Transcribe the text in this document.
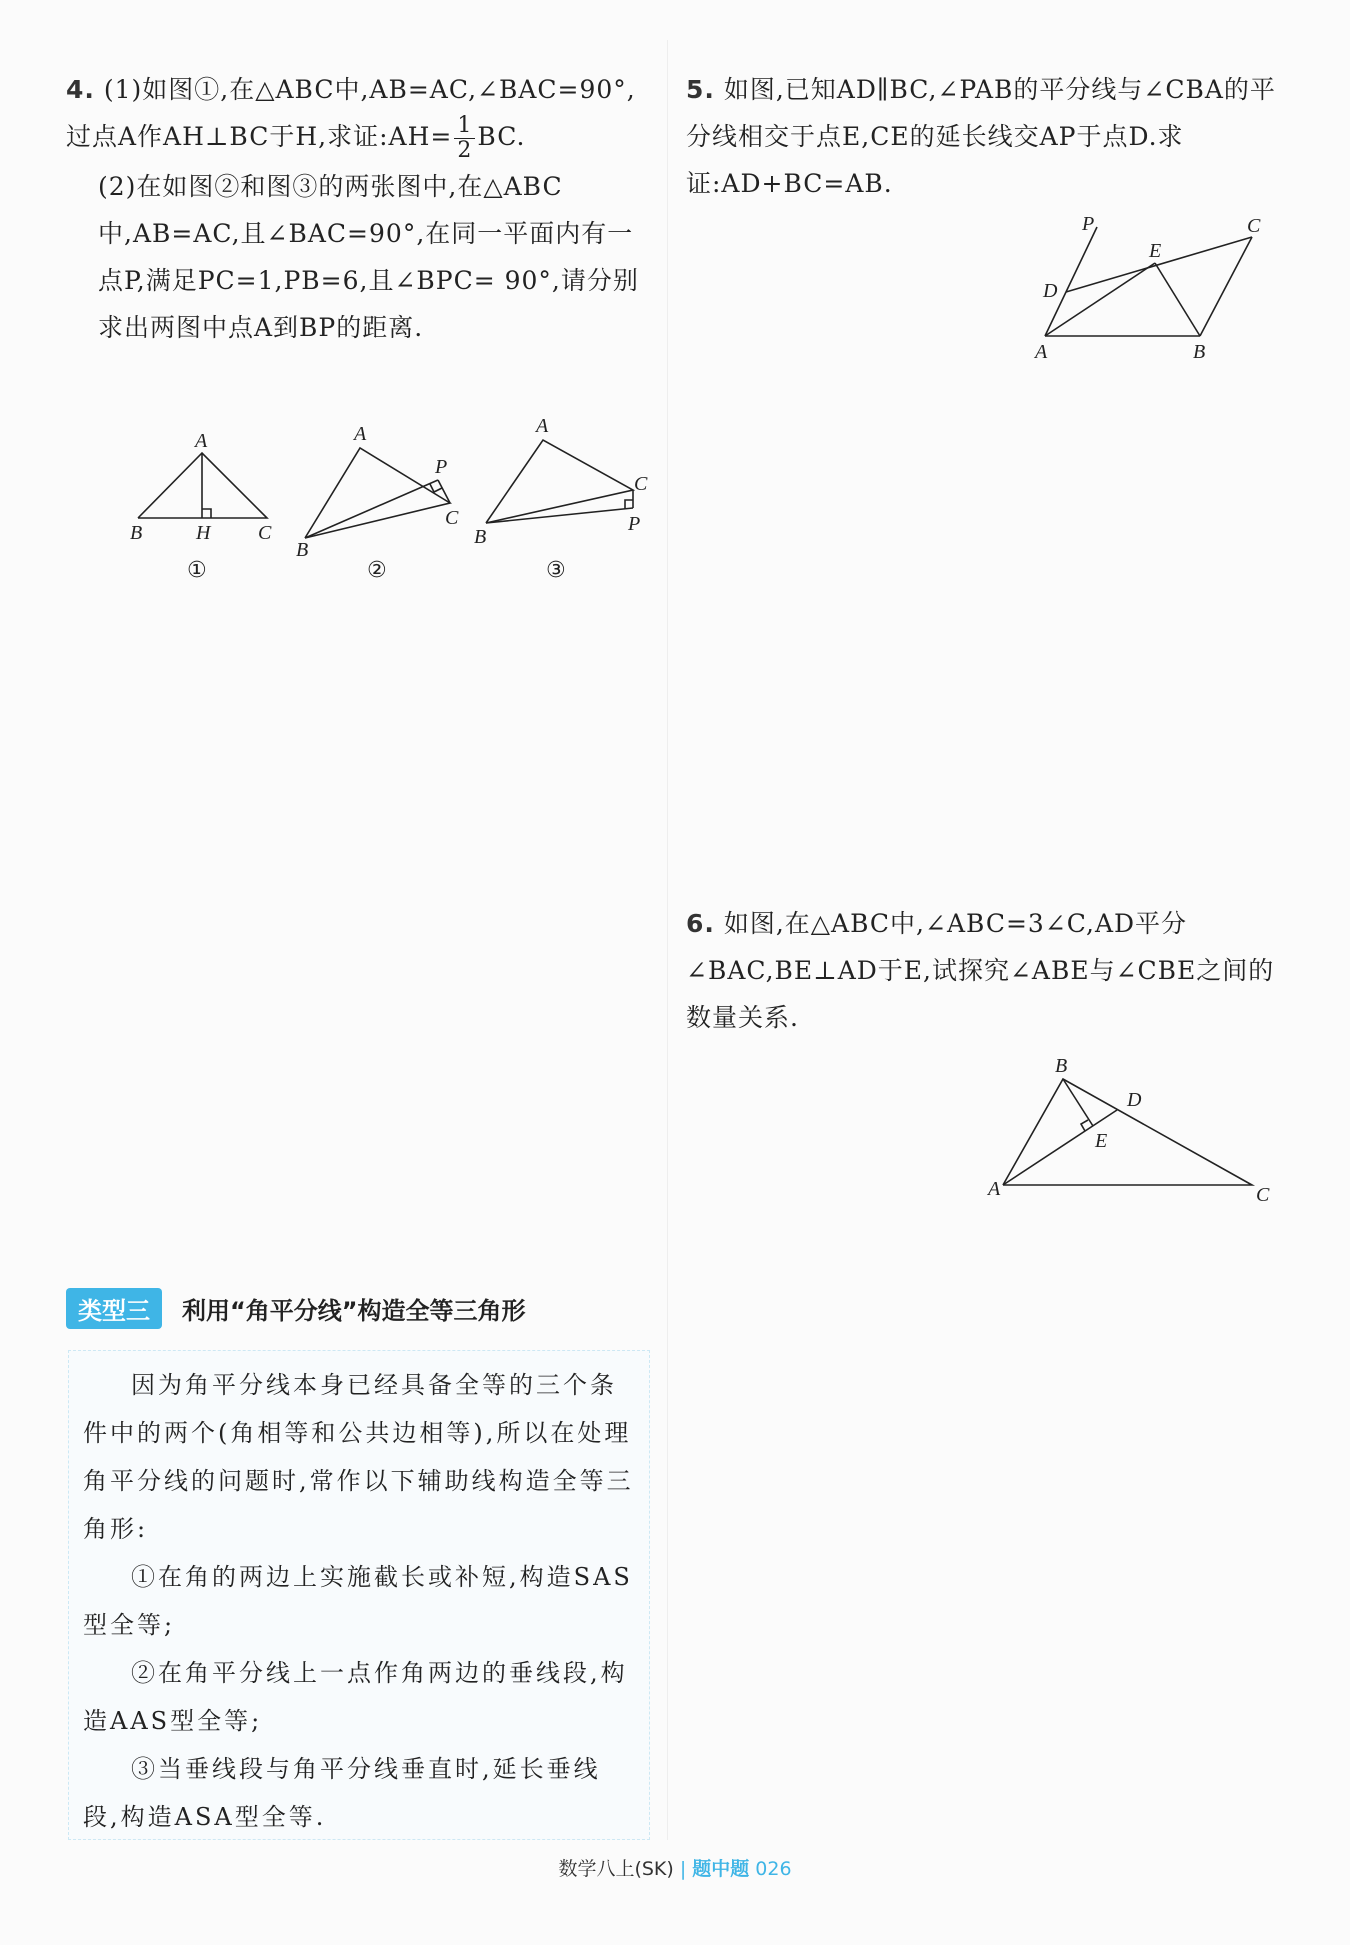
4. (1)如图①,在△ABC中,AB=AC,∠BAC=90°,过点A作AH⊥BC于H,求证:AH= $\frac{1}{2}$ BC.
(2)在如图②和图③的两张图中,在△ABC中,AB=AC,且∠BAC=90°,在同一平面内有一点P,满足PC=1,PB=6,且∠BPC= 90°,请分别求出两图中点A到BP的距离.
A
B	H C
①
A
P
C
B
②
A
C
B
P
③
5. 如图,已知AD∥BC,∠PAB的平分线与∠CBA的平分线相交于点E,CE的延长线交AP于点D.求证:AD+BC=AB.
P	C
E
D
A	B
6. 如图,在△ABC中,∠ABC=3∠C,AD平分∠BAC,BE⊥AD于E,试探究∠ABE与∠CBE之间的数量关系.
B
D
E
A	C
类型三	利用“角平分线”构造全等三角形

因为角平分线本身已经具备全等的三个条件中的两个(角相等和公共边相等),所以在处理角平分线的问题时,常作以下辅助线构造全等三角形:

①在角的两边上实施截长或补短,构造SAS型全等;

②在角平分线上一点作角两边的垂线段,构造AAS型全等;

③当垂线段与角平分线垂直时,延长垂线段,构造ASA型全等.

数学八上(SK) | 题中题 026
